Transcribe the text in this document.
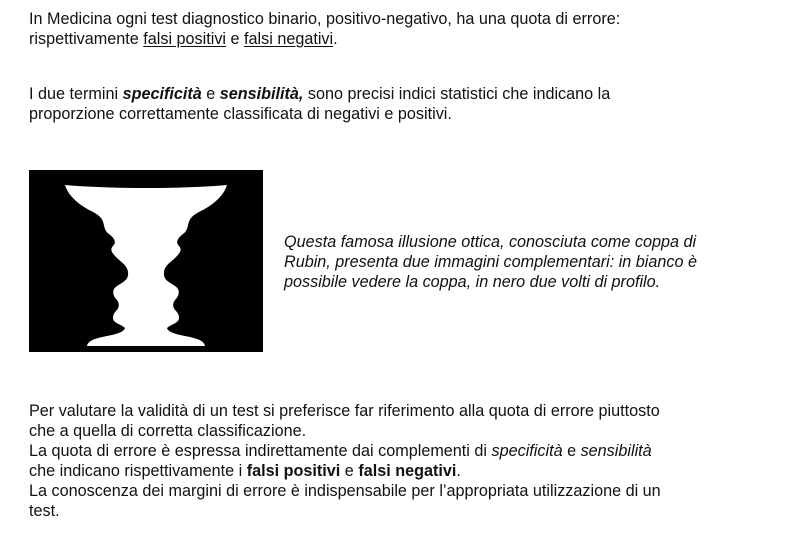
In Medicina ogni test diagnostico binario, positivo-negativo, ha una quota di errore:
rispettivamente falsi positivi e falsi negativi.

I due termini specificità e sensibilità, sono precisi indici statistici che indicano la
proporzione correttamente classificata di negativi e positivi.

Questa famosa illusione ottica, conosciuta come coppa di
Rubin, presenta due immagini complementari: in bianco è
possibile vedere la coppa, in nero due volti di profilo.

Per valutare la validità di un test si preferisce far riferimento alla quota di errore piuttosto
che a quella di corretta classificazione.
La quota di errore è espressa indirettamente dai complementi di specificità e sensibilità
che indicano rispettivamente i falsi positivi e falsi negativi.
La conoscenza dei margini di errore è indispensabile per l’appropriata utilizzazione di un
test.
